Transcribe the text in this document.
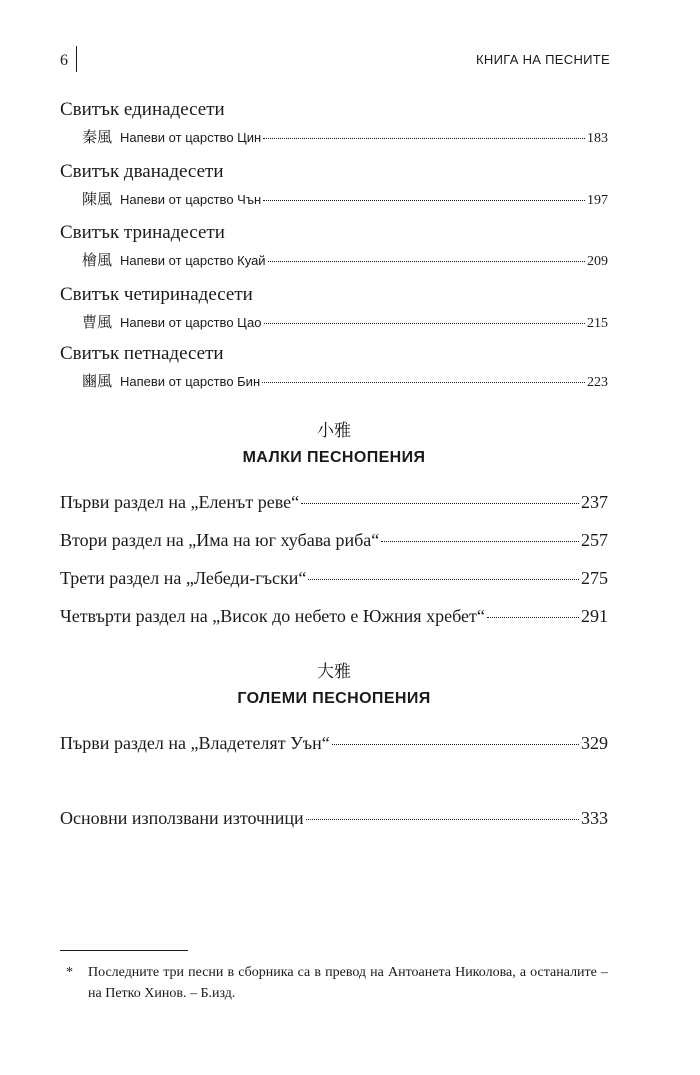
6	КНИГА НА ПЕСНИТЕ
Свитък единадесети
秦風 Напеви от царство Цин	183
Свитък дванадесети
陳風 Напеви от царство Чън	197
Свитък тринадесети
檜風 Напеви от царство Куай	209
Свитък четиринадесети
曹風 Напеви от царство Цао	215
Свитък петнадесети
豳風 Напеви от царство Бин	223
小雅
МАЛКИ ПЕСНОПЕНИЯ
Първи раздел на „Еленът реве“	237
Втори раздел на „Има на юг хубава риба“	257
Трети раздел на „Лебеди-гъски“	275
Четвърти раздел на „Висок до небето е Южния хребет“	291
大雅
ГОЛЕМИ ПЕСНОПЕНИЯ
Първи раздел на „Владетелят Уън“	329
Основни използвани източници	333
* Последните три песни в сборника са в превод на Антоанета Николова, а останалите – на Петко Хинов. – Б.изд.
